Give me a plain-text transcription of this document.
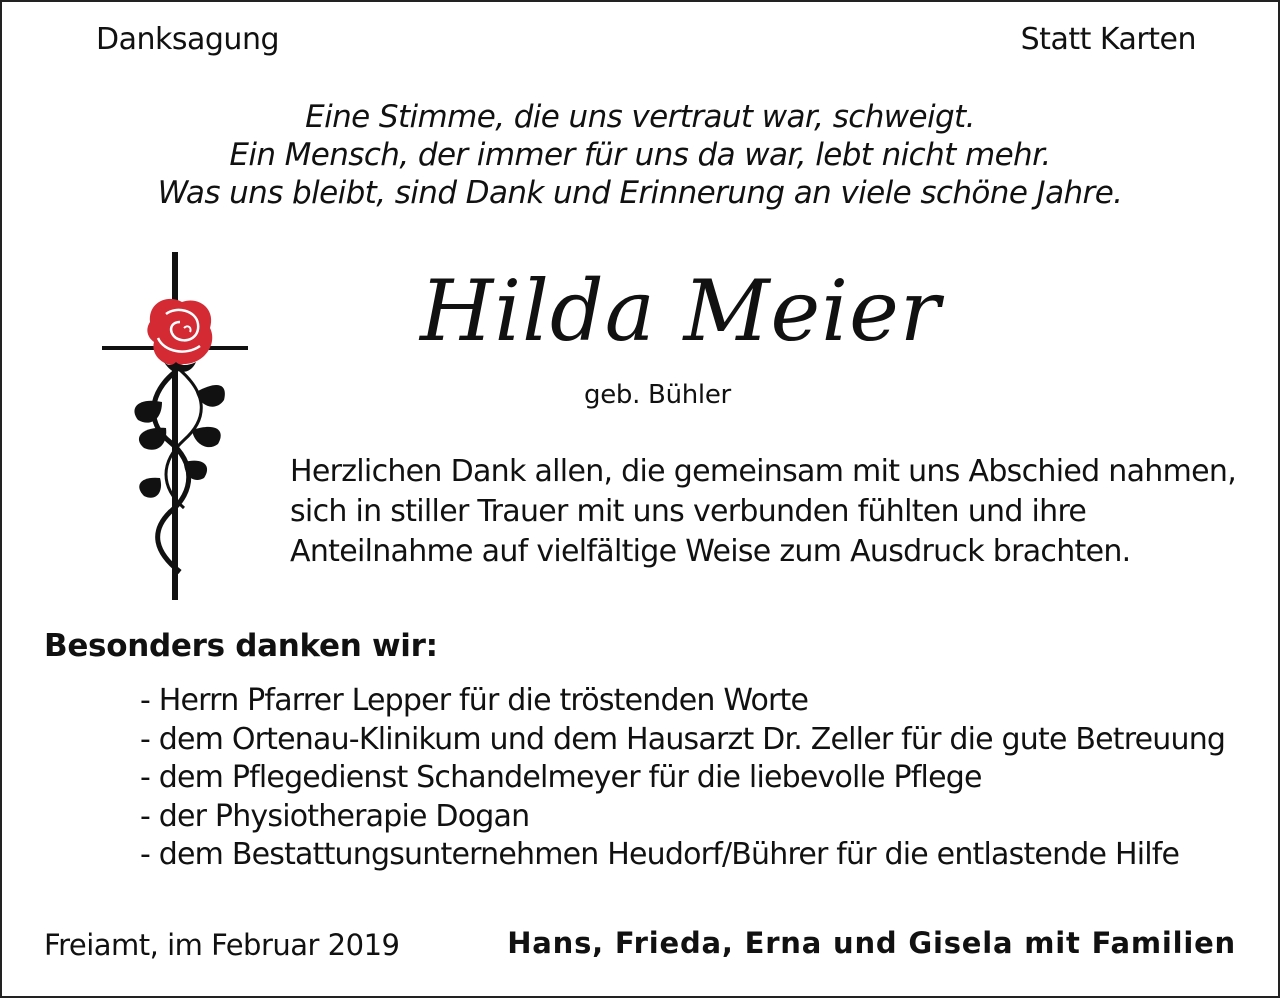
Danksagung	Statt Karten
Eine Stimme, die uns vertraut war, schweigt.
Ein Mensch, der immer für uns da war, lebt nicht mehr.
Was uns bleibt, sind Dank und Erinnerung an viele schöne Jahre.
Hilda Meier
geb. Bühler
Herzlichen Dank allen, die gemeinsam mit uns Abschied nahmen,
sich in stiller Trauer mit uns verbunden fühlten und ihre
Anteilnahme auf vielfältige Weise zum Ausdruck brachten.
Besonders danken wir:
- Herrn Pfarrer Lepper für die tröstenden Worte
- dem Ortenau-Klinikum und dem Hausarzt Dr. Zeller für die gute Betreuung
- dem Pflegedienst Schandelmeyer für die liebevolle Pflege
- der Physiotherapie Dogan
- dem Bestattungsunternehmen Heudorf/Bührer für die entlastende Hilfe
Freiamt, im Februar 2019	Hans, Frieda, Erna und Gisela mit Familien
